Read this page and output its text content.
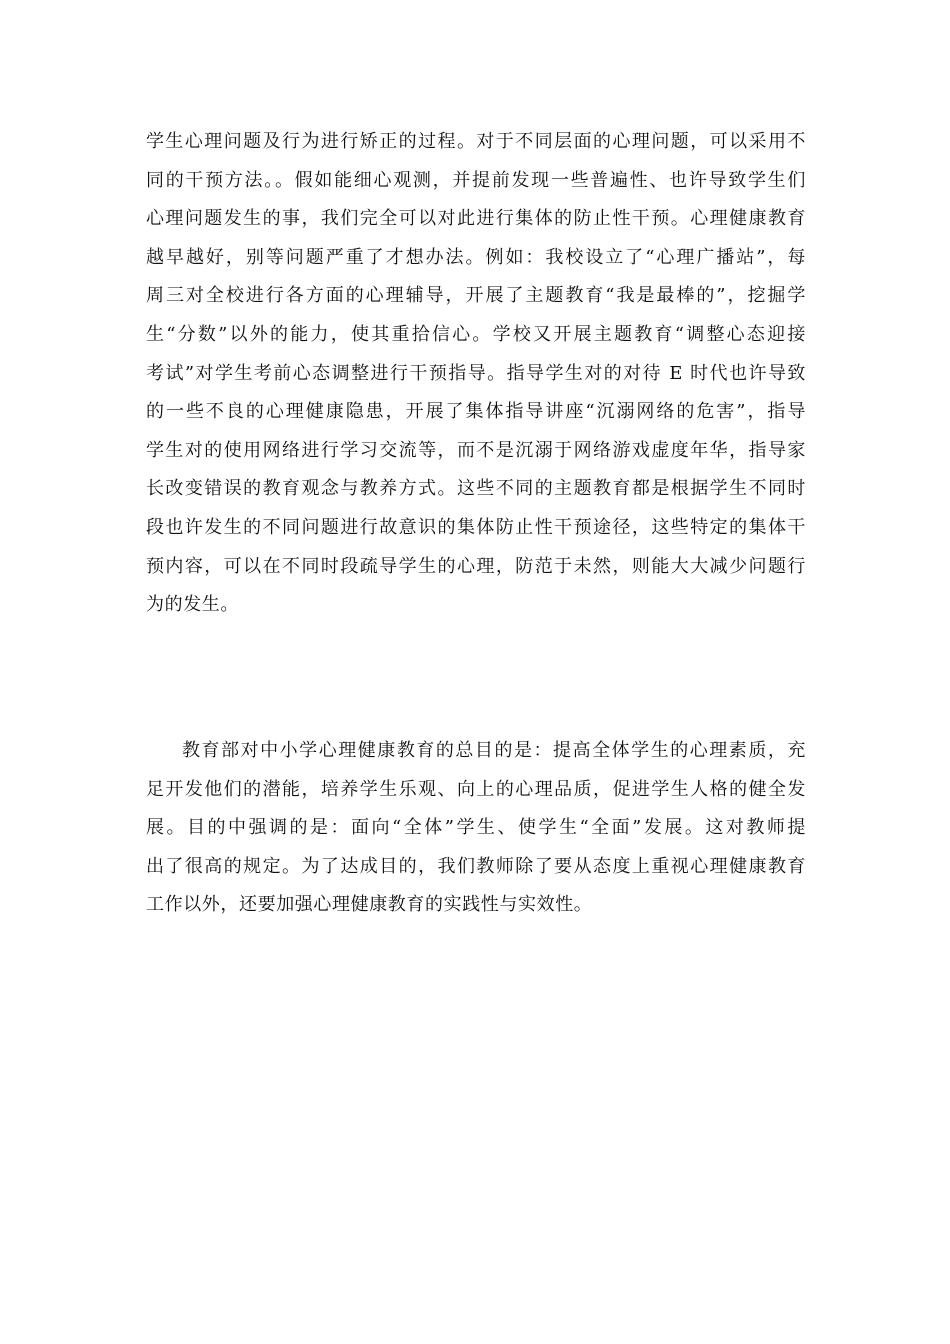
学生心理问题及行为进行矫正的过程。对于不同层面的心理问题，可以采用不
同的干预方法。。假如能细心观测，并提前发现一些普遍性、也许导致学生们
心理问题发生的事，我们完全可以对此进行集体的防止性干预。心理健康教育
越早越好，别等问题严重了才想办法。例如：我校设立了“心理广播站”，每
周三对全校进行各方面的心理辅导，开展了主题教育“我是最棒的”，挖掘学
生“分数”以外的能力，使其重拾信心。学校又开展主题教育“调整心态迎接
考试”对学生考前心态调整进行干预指导。指导学生对的对待 E 时代也许导致
的一些不良的心理健康隐患，开展了集体指导讲座“沉溺网络的危害”，指导
学生对的使用网络进行学习交流等，而不是沉溺于网络游戏虚度年华，指导家
长改变错误的教育观念与教养方式。这些不同的主题教育都是根据学生不同时
段也许发生的不同问题进行故意识的集体防止性干预途径，这些特定的集体干
预内容，可以在不同时段疏导学生的心理，防范于未然，则能大大减少问题行
为的发生。
教育部对中小学心理健康教育的总目的是：提高全体学生的心理素质，充
足开发他们的潜能，培养学生乐观、向上的心理品质，促进学生人格的健全发
展。目的中强调的是：面向“全体”学生、使学生“全面”发展。这对教师提
出了很高的规定。为了达成目的，我们教师除了要从态度上重视心理健康教育
工作以外，还要加强心理健康教育的实践性与实效性。
